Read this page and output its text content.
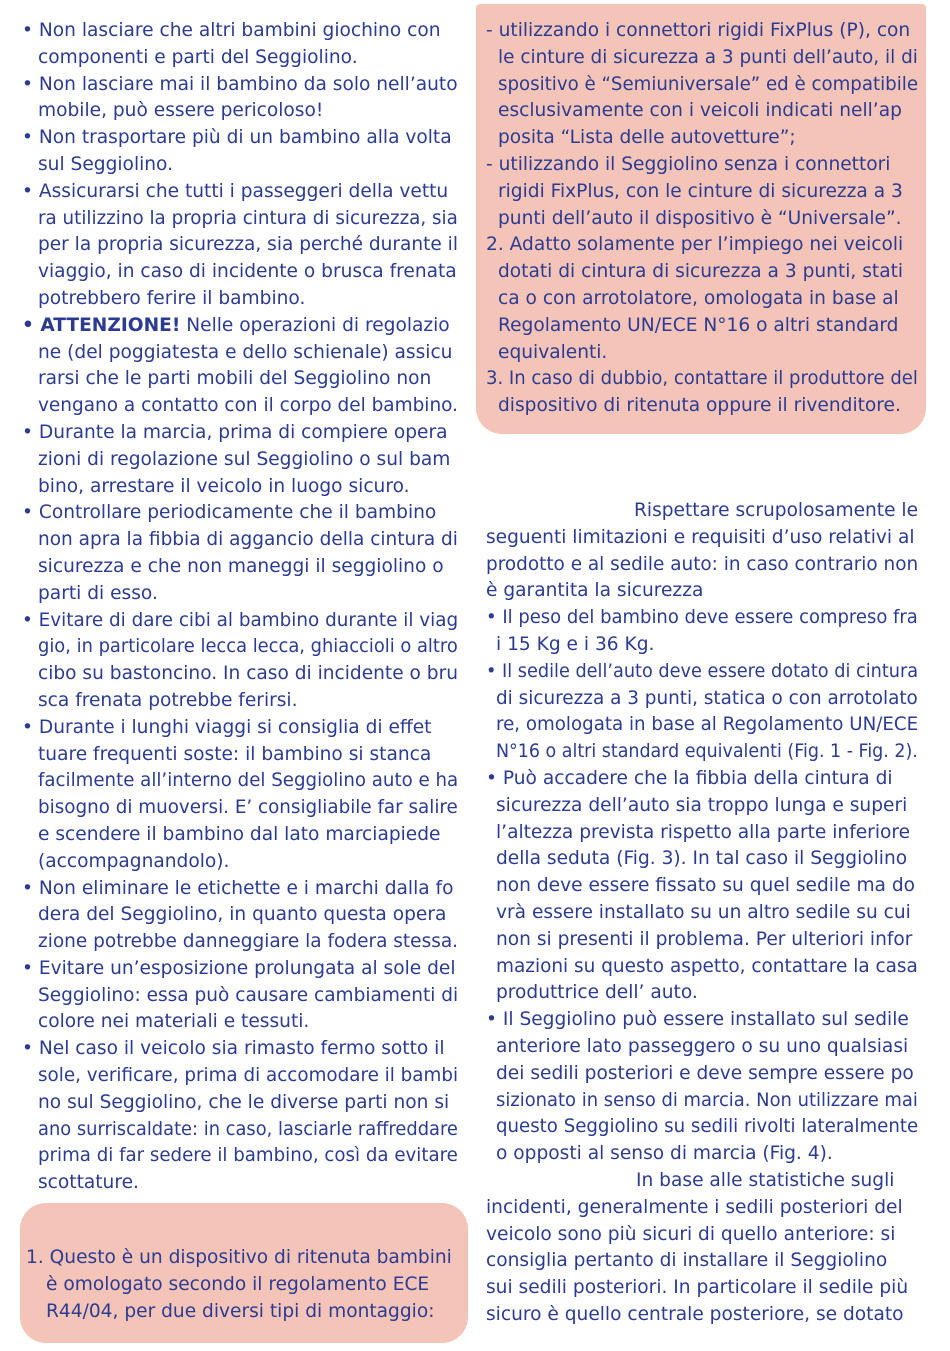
• Non lasciare che altri bambini giochino con
componenti e parti del Seggiolino.
• Non lasciare mai il bambino da solo nell’auto
mobile, può essere pericoloso!
• Non trasportare più di un bambino alla volta
sul Seggiolino.
• Assicurarsi che tutti i passeggeri della vettu
ra utilizzino la propria cintura di sicurezza, sia
per la propria sicurezza, sia perché durante il
viaggio, in caso di incidente o brusca frenata
potrebbero ferire il bambino.
• ATTENZIONE! Nelle operazioni di regolazio
ne (del poggiatesta e dello schienale) assicu
rarsi che le parti mobili del Seggiolino non
vengano a contatto con il corpo del bambino.
• Durante la marcia, prima di compiere opera
zioni di regolazione sul Seggiolino o sul bam
bino, arrestare il veicolo in luogo sicuro.
• Controllare periodicamente che il bambino
non apra la fibbia di aggancio della cintura di
sicurezza e che non maneggi il seggiolino o
parti di esso.
• Evitare di dare cibi al bambino durante il viag
gio, in particolare lecca lecca, ghiaccioli o altro
cibo su bastoncino. In caso di incidente o bru
sca frenata potrebbe ferirsi.
• Durante i lunghi viaggi si consiglia di effet
tuare frequenti soste: il bambino si stanca
facilmente all’interno del Seggiolino auto e ha
bisogno di muoversi. E’ consigliabile far salire
e scendere il bambino dal lato marciapiede
(accompagnandolo).
• Non eliminare le etichette e i marchi dalla fo
dera del Seggiolino, in quanto questa opera
zione potrebbe danneggiare la fodera stessa.
• Evitare un’esposizione prolungata al sole del
Seggiolino: essa può causare cambiamenti di
colore nei materiali e tessuti.
• Nel caso il veicolo sia rimasto fermo sotto il
sole, verificare, prima di accomodare il bambi
no sul Seggiolino, che le diverse parti non si
ano surriscaldate: in caso, lasciarle raffreddare
prima di far sedere il bambino, così da evitare
scottature.
1. Questo è un dispositivo di ritenuta bambini
è omologato secondo il regolamento ECE
R44/04, per due diversi tipi di montaggio:
- utilizzando i connettori rigidi FixPlus (P), con
le cinture di sicurezza a 3 punti dell’auto, il di
spositivo è “Semiuniversale” ed è compatibile
esclusivamente con i veicoli indicati nell’ap
posita “Lista delle autovetture”;
- utilizzando il Seggiolino senza i connettori
rigidi FixPlus, con le cinture di sicurezza a 3
punti dell’auto il dispositivo è “Universale”.
2. Adatto solamente per l’impiego nei veicoli
dotati di cintura di sicurezza a 3 punti, stati
ca o con arrotolatore, omologata in base al
Regolamento UN/ECE N°16 o altri standard
equivalenti.
3. In caso di dubbio, contattare il produttore del
dispositivo di ritenuta oppure il rivenditore.
Rispettare scrupolosamente le
seguenti limitazioni e requisiti d’uso relativi al
prodotto e al sedile auto: in caso contrario non
è garantita la sicurezza
• Il peso del bambino deve essere compreso fra
i 15 Kg e i 36 Kg.
• Il sedile dell’auto deve essere dotato di cintura
di sicurezza a 3 punti, statica o con arrotolato
re, omologata in base al Regolamento UN/ECE
N°16 o altri standard equivalenti (Fig. 1 - Fig. 2).
• Può accadere che la fibbia della cintura di
sicurezza dell’auto sia troppo lunga e superi
l’altezza prevista rispetto alla parte inferiore
della seduta (Fig. 3). In tal caso il Seggiolino
non deve essere fissato su quel sedile ma do
vrà essere installato su un altro sedile su cui
non si presenti il problema. Per ulteriori infor
mazioni su questo aspetto, contattare la casa
produttrice dell’ auto.
• Il Seggiolino può essere installato sul sedile
anteriore lato passeggero o su uno qualsiasi
dei sedili posteriori e deve sempre essere po
sizionato in senso di marcia. Non utilizzare mai
questo Seggiolino su sedili rivolti lateralmente
o opposti al senso di marcia (Fig. 4).
In base alle statistiche sugli
incidenti, generalmente i sedili posteriori del
veicolo sono più sicuri di quello anteriore: si
consiglia pertanto di installare il Seggiolino
sui sedili posteriori. In particolare il sedile più
sicuro è quello centrale posteriore, se dotato
